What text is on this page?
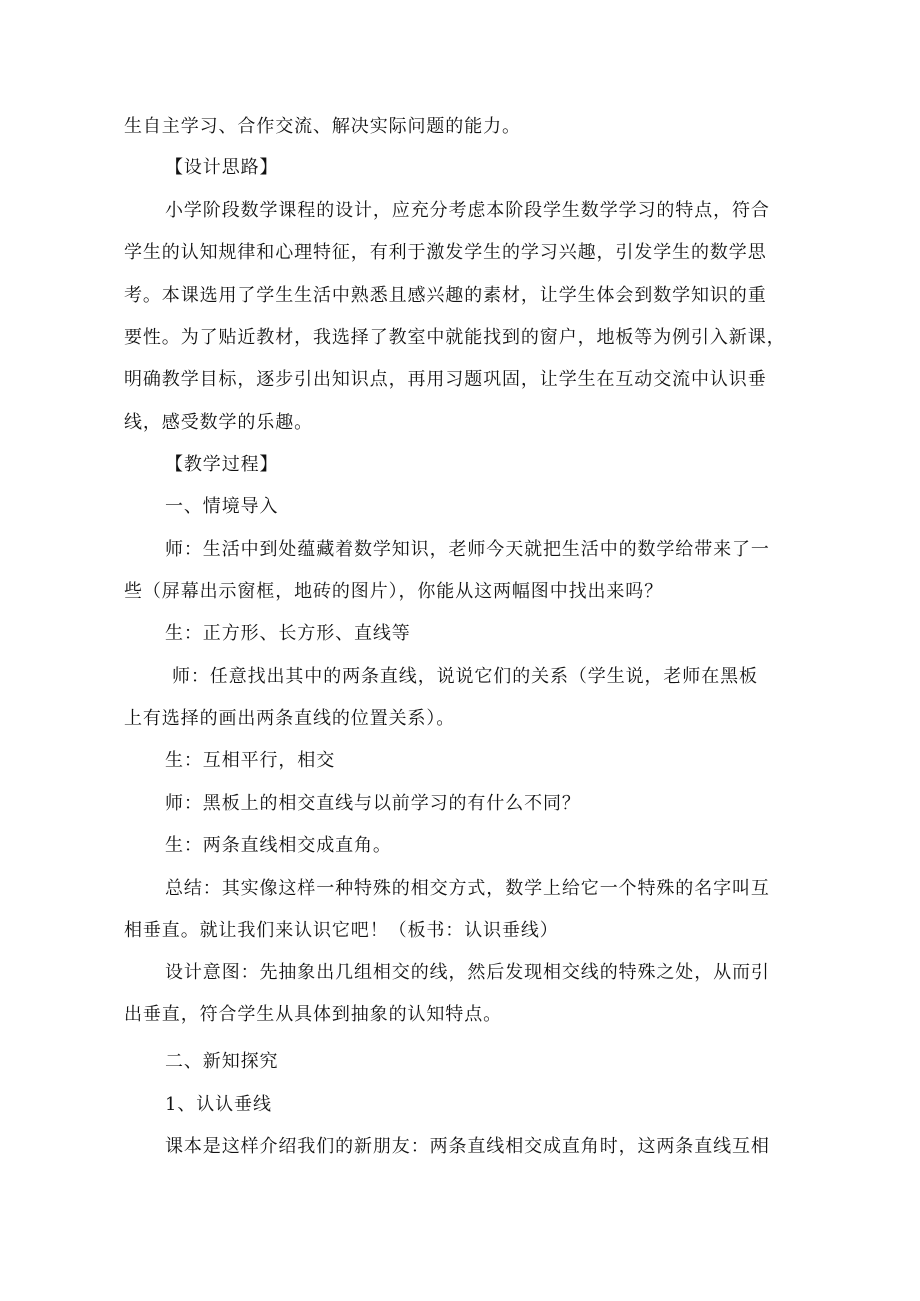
生自主学习、合作交流、解决实际问题的能力。
【设计思路】
小学阶段数学课程的设计，应充分考虑本阶段学生数学学习的特点，符合
学生的认知规律和心理特征，有利于激发学生的学习兴趣，引发学生的数学思
考。本课选用了学生生活中熟悉且感兴趣的素材，让学生体会到数学知识的重
要性。为了贴近教材，我选择了教室中就能找到的窗户，地板等为例引入新课，
明确教学目标，逐步引出知识点，再用习题巩固，让学生在互动交流中认识垂
线，感受数学的乐趣。
【教学过程】
一、情境导入
师：生活中到处蕴藏着数学知识，老师今天就把生活中的数学给带来了一
些（屏幕出示窗框，地砖的图片），你能从这两幅图中找出来吗？
生：正方形、长方形、直线等
师：任意找出其中的两条直线，说说它们的关系（学生说，老师在黑板
上有选择的画出两条直线的位置关系）。
生：互相平行，相交
师：黑板上的相交直线与以前学习的有什么不同？
生：两条直线相交成直角。
总结：其实像这样一种特殊的相交方式，数学上给它一个特殊的名字叫互
相垂直。就让我们来认识它吧！（板书：认识垂线）
设计意图：先抽象出几组相交的线，然后发现相交线的特殊之处，从而引
出垂直，符合学生从具体到抽象的认知特点。
二、新知探究
1、认认垂线
课本是这样介绍我们的新朋友：两条直线相交成直角时，这两条直线互相
